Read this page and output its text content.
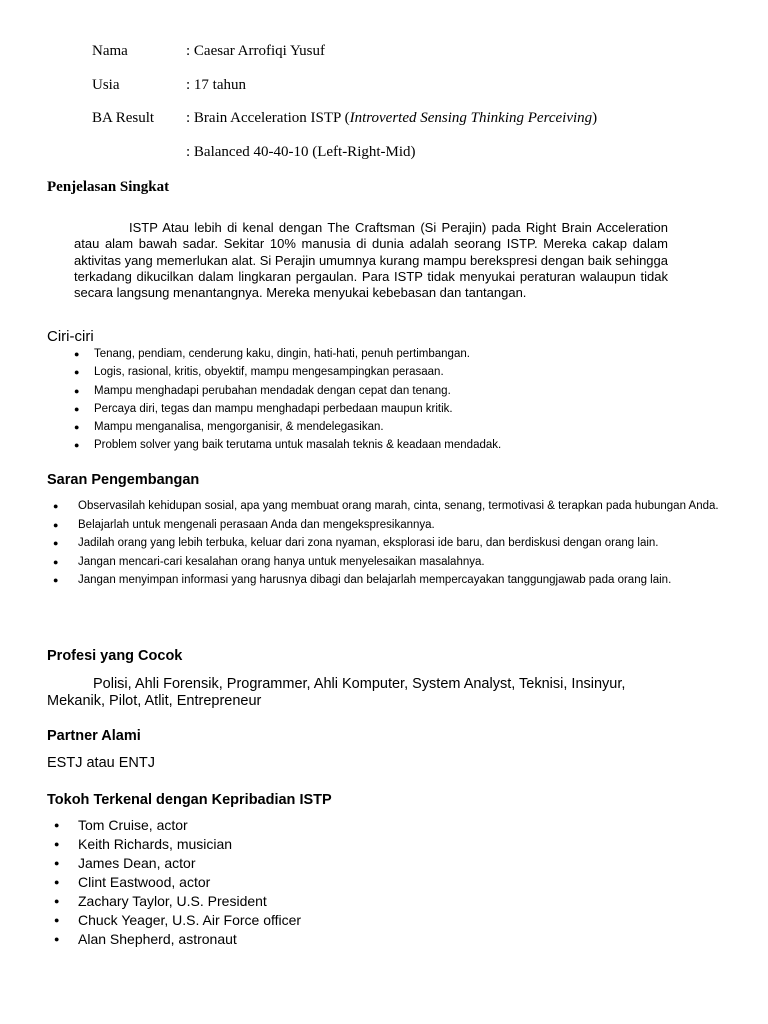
Nama	: Caesar Arrofiqi Yusuf
Usia	: 17 tahun
BA Result : Brain Acceleration ISTP (Introverted Sensing Thinking Perceiving)
: Balanced 40-40-10 (Left-Right-Mid)
Penjelasan Singkat
ISTP Atau lebih di kenal dengan The Craftsman (Si Perajin) pada Right Brain Acceleration atau alam bawah sadar. Sekitar 10% manusia di dunia adalah seorang ISTP. Mereka cakap dalam aktivitas yang memerlukan alat. Si Perajin umumnya kurang mampu berekspresi dengan baik sehingga terkadang dikucilkan dalam lingkaran pergaulan. Para ISTP tidak menyukai peraturan walaupun tidak secara langsung menantangnya. Mereka menyukai kebebasan dan tantangan.
Ciri-ciri
● Tenang, pendiam, cenderung kaku, dingin, hati-hati, penuh pertimbangan.
● Logis, rasional, kritis, obyektif, mampu mengesampingkan perasaan.
● Mampu menghadapi perubahan mendadak dengan cepat dan tenang.
● Percaya diri, tegas dan mampu menghadapi perbedaan maupun kritik.
● Mampu menganalisa, mengorganisir, & mendelegasikan.
● Problem solver yang baik terutama untuk masalah teknis & keadaan mendadak.
Saran Pengembangan
● Observasilah kehidupan sosial, apa yang membuat orang marah, cinta, senang, termotivasi & terapkan pada hubungan Anda.
● Belajarlah untuk mengenali perasaan Anda dan mengekspresikannya.
● Jadilah orang yang lebih terbuka, keluar dari zona nyaman, eksplorasi ide baru, dan berdiskusi dengan orang lain.
● Jangan mencari-cari kesalahan orang hanya untuk menyelesaikan masalahnya.
● Jangan menyimpan informasi yang harusnya dibagi dan belajarlah mempercayakan tanggungjawab pada orang lain.
Profesi yang Cocok
Polisi, Ahli Forensik, Programmer, Ahli Komputer, System Analyst, Teknisi, Insinyur, Mekanik, Pilot, Atlit, Entrepreneur
Partner Alami
ESTJ atau ENTJ
Tokoh Terkenal dengan Kepribadian ISTP
● Tom Cruise, actor
● Keith Richards, musician
● James Dean, actor
● Clint Eastwood, actor
● Zachary Taylor, U.S. President
● Chuck Yeager, U.S. Air Force officer
● Alan Shepherd, astronaut
